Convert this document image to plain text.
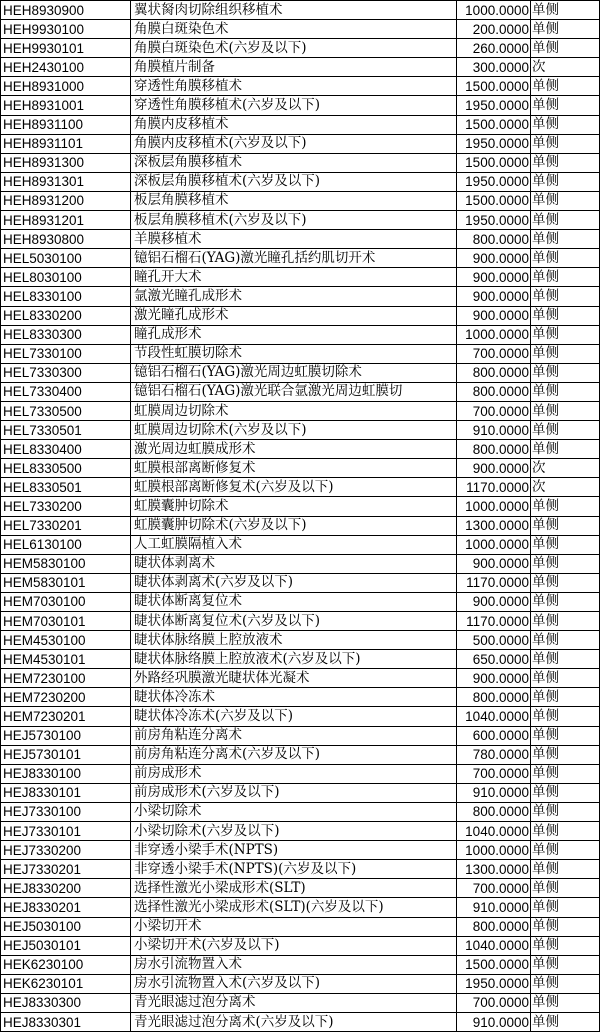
HEH8930900	翼状胬肉切除组织移植术	1000.0000	单侧
HEH9930100	角膜白斑染色术	200.0000	单侧
HEH9930101	角膜白斑染色术(六岁及以下)	260.0000	单侧
HEH2430100	角膜植片制备	300.0000	次
HEH8931000	穿透性角膜移植术	1500.0000	单侧
HEH8931001	穿透性角膜移植术(六岁及以下)	1950.0000	单侧
HEH8931100	角膜内皮移植术	1500.0000	单侧
HEH8931101	角膜内皮移植术(六岁及以下)	1950.0000	单侧
HEH8931300	深板层角膜移植术	1500.0000	单侧
HEH8931301	深板层角膜移植术(六岁及以下)	1950.0000	单侧
HEH8931200	板层角膜移植术	1500.0000	单侧
HEH8931201	板层角膜移植术(六岁及以下)	1950.0000	单侧
HEH8930800	羊膜移植术	800.0000	单侧
HEL5030100	镱铝石榴石(YAG)激光瞳孔括约肌切开术	900.0000	单侧
HEL8030100	瞳孔开大术	900.0000	单侧
HEL8330100	氩激光瞳孔成形术	900.0000	单侧
HEL8330200	激光瞳孔成形术	900.0000	单侧
HEL8330300	瞳孔成形术	1000.0000	单侧
HEL7330100	节段性虹膜切除术	700.0000	单侧
HEL7330300	镱铝石榴石(YAG)激光周边虹膜切除术	800.0000	单侧
HEL7330400	镱铝石榴石(YAG)激光联合氩激光周边虹膜切	800.0000	单侧
HEL7330500	虹膜周边切除术	700.0000	单侧
HEL7330501	虹膜周边切除术(六岁及以下)	910.0000	单侧
HEL8330400	激光周边虹膜成形术	800.0000	单侧
HEL8330500	虹膜根部离断修复术	900.0000	次
HEL8330501	虹膜根部离断修复术(六岁及以下)	1170.0000	次
HEL7330200	虹膜囊肿切除术	1000.0000	单侧
HEL7330201	虹膜囊肿切除术(六岁及以下)	1300.0000	单侧
HEL6130100	人工虹膜隔植入术	1000.0000	单侧
HEM5830100	睫状体剥离术	900.0000	单侧
HEM5830101	睫状体剥离术(六岁及以下)	1170.0000	单侧
HEM7030100	睫状体断离复位术	900.0000	单侧
HEM7030101	睫状体断离复位术(六岁及以下)	1170.0000	单侧
HEM4530100	睫状体脉络膜上腔放液术	500.0000	单侧
HEM4530101	睫状体脉络膜上腔放液术(六岁及以下)	650.0000	单侧
HEM7230100	外路经巩膜激光睫状体光凝术	900.0000	单侧
HEM7230200	睫状体冷冻术	800.0000	单侧
HEM7230201	睫状体冷冻术(六岁及以下)	1040.0000	单侧
HEJ5730100	前房角粘连分离术	600.0000	单侧
HEJ5730101	前房角粘连分离术(六岁及以下)	780.0000	单侧
HEJ8330100	前房成形术	700.0000	单侧
HEJ8330101	前房成形术(六岁及以下)	910.0000	单侧
HEJ7330100	小梁切除术	800.0000	单侧
HEJ7330101	小梁切除术(六岁及以下)	1040.0000	单侧
HEJ7330200	非穿透小梁手术(NPTS)	1000.0000	单侧
HEJ7330201	非穿透小梁手术(NPTS)(六岁及以下)	1300.0000	单侧
HEJ8330200	选择性激光小梁成形术(SLT)	700.0000	单侧
HEJ8330201	选择性激光小梁成形术(SLT)(六岁及以下)	910.0000	单侧
HEJ5030100	小梁切开术	800.0000	单侧
HEJ5030101	小梁切开术(六岁及以下)	1040.0000	单侧
HEK6230100	房水引流物置入术	1500.0000	单侧
HEK6230101	房水引流物置入术(六岁及以下)	1950.0000	单侧
HEJ8330300	青光眼滤过泡分离术	700.0000	单侧
HEJ8330301	青光眼滤过泡分离术(六岁及以下)	910.0000	单侧
